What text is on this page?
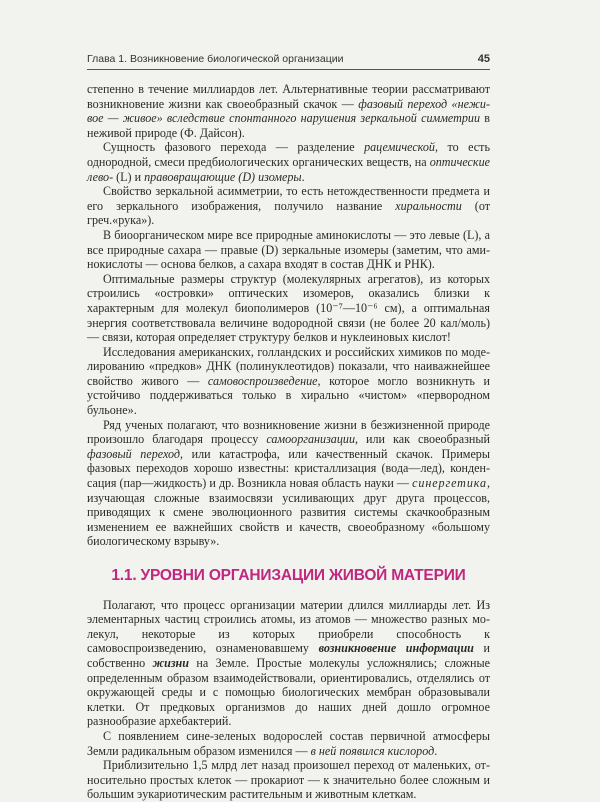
Глава 1. Возникновение биологической организации	45

степенно в течение миллиардов лет. Альтернативные теории рассматривают возникновение жизни как своеобразный скачок — фазовый переход «неживое — живое» вследствие спонтанного нарушения зеркальной симметрии в неживой природе (Ф. Дайсон).

Сущность фазового перехода — разделение рацемической, то есть однородной, смеси предбиологических органических веществ, на оптические лево- (L) и правовращающие (D) изомеры.

Свойство зеркальной асимметрии, то есть нетождественности предмета и его зеркального изображения, получило название хиральности (от греч.«рука»).

В биоорганическом мире все природные аминокислоты — это левые (L), а все природные сахара — правые (D) зеркальные изомеры (заметим, что аминокислоты — основа белков, а сахара входят в состав ДНК и РНК).

Оптимальные размеры структур (молекулярных агрегатов), из которых строились «островки» оптических изомеров, оказались близки к характерным для молекул биополимеров (10⁻⁷—10⁻⁶ см), а оптимальная энергия соответствовала величине водородной связи (не более 20 кал/моль) — связи, которая определяет структуру белков и нуклеиновых кислот!

Исследования американских, голландских и российских химиков по моделированию «предков» ДНК (полинуклеотидов) показали, что наиважнейшее свойство живого — самовоспроизведение, которое могло возникнуть и устойчиво поддерживаться только в хирально «чистом» «первородном бульоне».

Ряд ученых полагают, что возникновение жизни в безжизненной природе произошло благодаря процессу самоорганизации, или как своеобразный фазовый переход, или катастрофа, или качественный скачок. Примеры фазовых переходов хорошо известны: кристаллизация (вода—лед), конденсация (пар—жидкость) и др. Возникла новая область науки — синергетика, изучающая сложные взаимосвязи усиливающих друг друга процессов, приводящих к смене эволюционного развития системы скачкообразным изменением ее важнейших свойств и качеств, своеобразному «большому биологическому взрыву».

1.1. УРОВНИ ОРГАНИЗАЦИИ ЖИВОЙ МАТЕРИИ

Полагают, что процесс организации материи длился миллиарды лет. Из элементарных частиц строились атомы, из атомов — множество разных молекул, некоторые из которых приобрели способность к самовоспроизведению, ознаменовавшему возникновение информации и собственно жизни на Земле. Простые молекулы усложнялись; сложные определенным образом взаимодействовали, ориентировались, отделялись от окружающей среды и с помощью биологических мембран образовывали клетки. От предковых организмов до наших дней дошло огромное разнообразие архебактерий.

С появлением сине-зеленых водорослей состав первичной атмосферы Земли радикальным образом изменился — в ней появился кислород.

Приблизительно 1,5 млрд лет назад произошел переход от маленьких, относительно простых клеток — прокариот — к значительно более сложным и большим эукариотическим растительным и животным клеткам.
